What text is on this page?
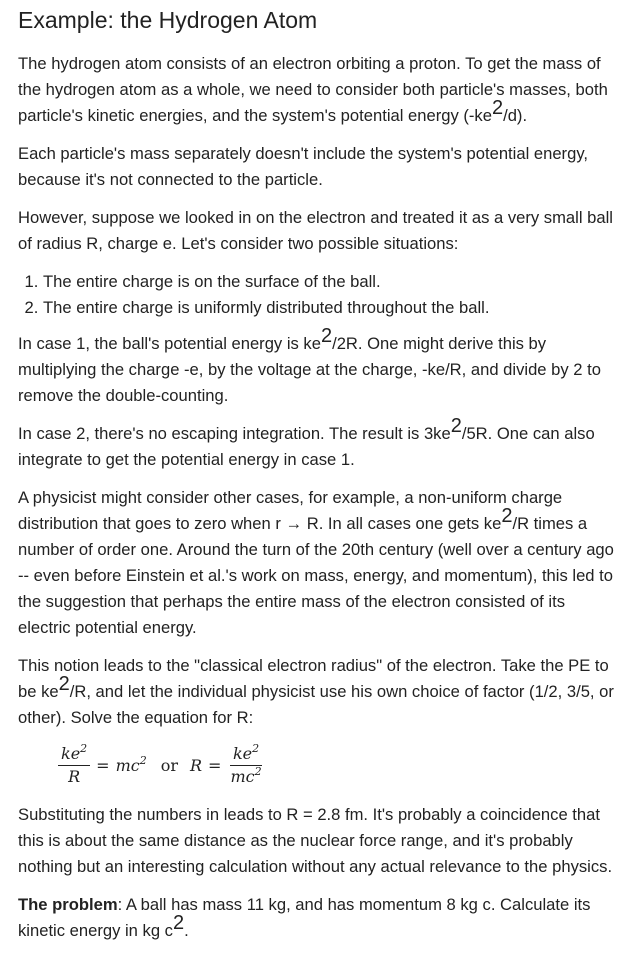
Example: the Hydrogen Atom

The hydrogen atom consists of an electron orbiting a proton. To get the mass of the hydrogen atom as a whole, we need to consider both particle's masses, both particle's kinetic energies, and the system's potential energy $(-ke^2/d)$.

Each particle's mass separately doesn't include the system's potential energy, because it's not connected to the particle.

However, suppose we looked in on the electron and treated it as a very small ball of radius R, charge e. Let's consider two possible situations:

1. The entire charge is on the surface of the ball.
2. The entire charge is uniformly distributed throughout the ball.

In case 1, the ball's potential energy is $ke^2/2R$. One might derive this by multiplying the charge -e, by the voltage at the charge, -ke/R, and divide by 2 to remove the double-counting.

In case 2, there's no escaping integration. The result is $3ke^2/5R$. One can also integrate to get the potential energy in case 1.

A physicist might consider other cases, for example, a non-uniform charge distribution that goes to zero when r → R. In all cases one gets $ke^2/R$ times a number of order one. Around the turn of the 20th century (well over a century ago -- even before Einstein et al.'s work on mass, energy, and momentum), this led to the suggestion that perhaps the entire mass of the electron consisted of its electric potential energy.

This notion leads to the "classical electron radius" of the electron. Take the PE to be $ke^2/R$, and let the individual physicist use his own choice of factor (1/2, 3/5, or other). Solve the equation for R:

$\frac{ke^2}{R} = mc^2$ or $R = \frac{ke^2}{mc^2}$

Substituting the numbers in leads to R = 2.8 fm. It's probably a coincidence that this is about the same distance as the nuclear force range, and it's probably nothing but an interesting calculation without any actual relevance to the physics.

The problem: A ball has mass 11 kg, and has momentum 8 kg c. Calculate its kinetic energy in kg $c^2$.
